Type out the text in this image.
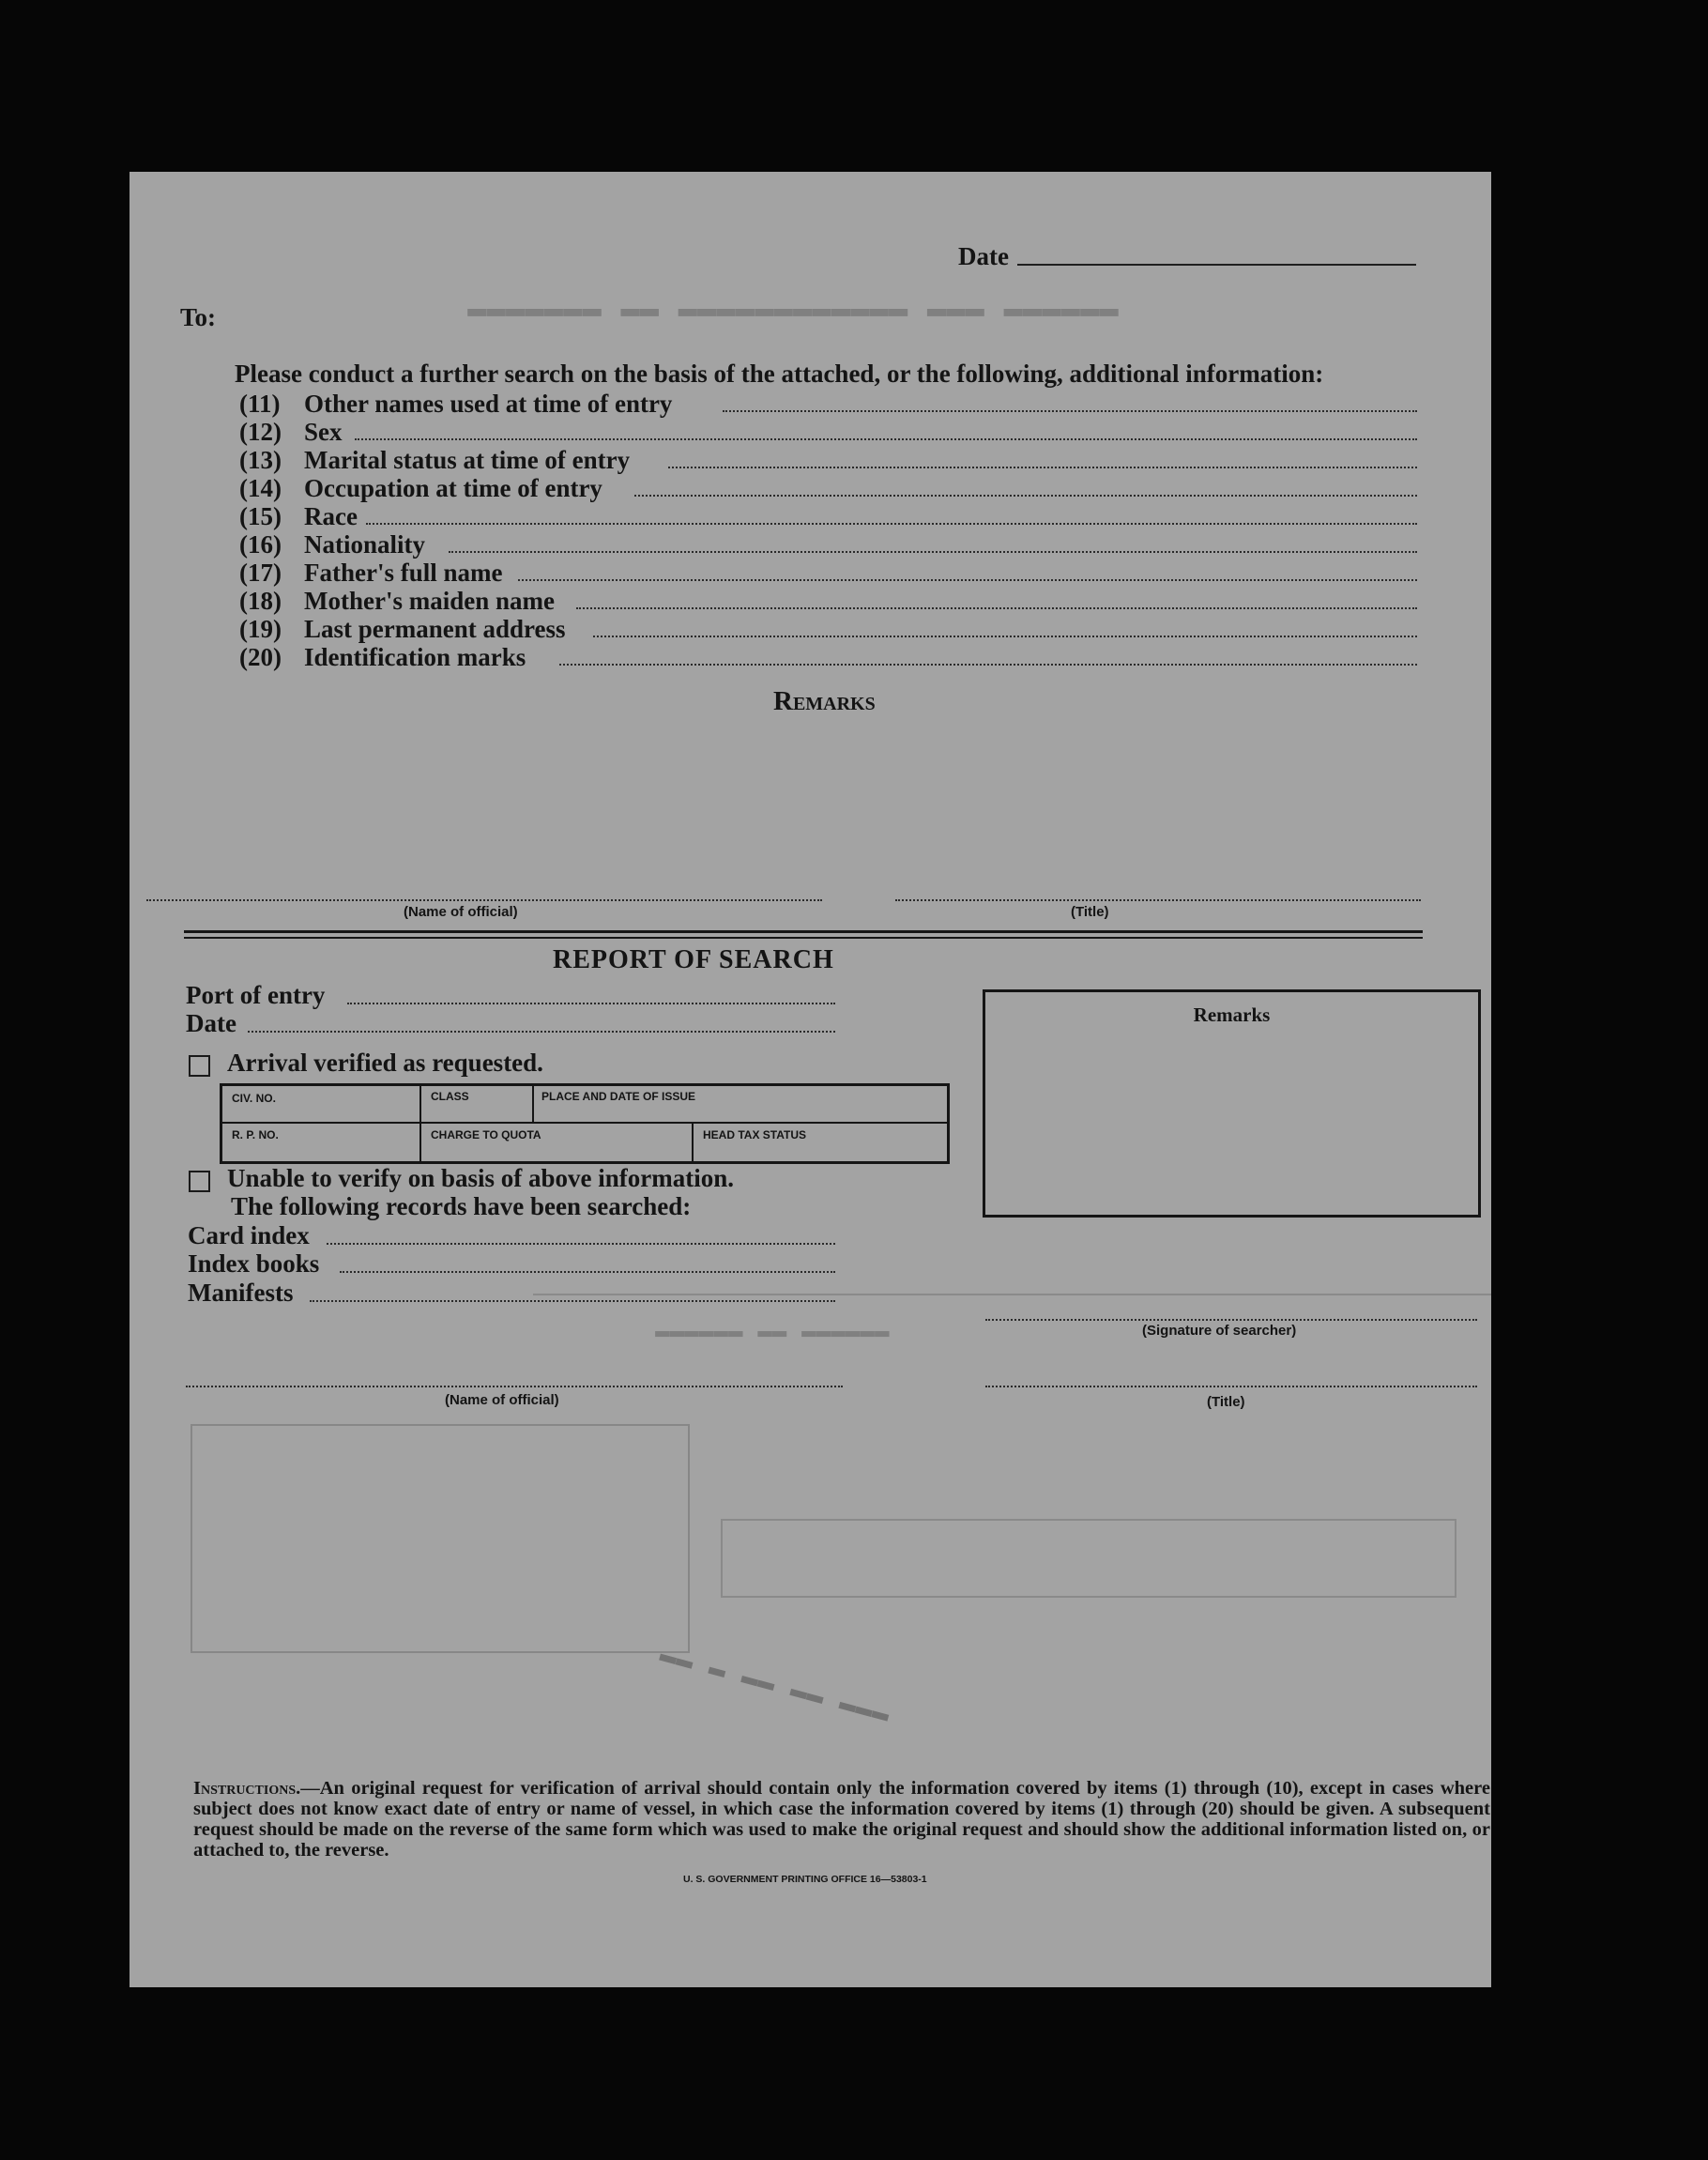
▬▬▬▬▬▬ ▬▬▬ ▬▬▬▬▬▬▬▬▬▬▬▬ ▬▬ ▬▬▬▬▬▬▬
▬▬▬▬▬▬ ▬▬ ▬▬▬▬▬▬
Date
To:
Please conduct a further search on the basis of the attached, or the following, additional information:
(11) Other names used at time of entry
(12) Sex
(13) Marital status at time of entry
(14) Occupation at time of entry
(15) Race
(16) Nationality
(17) Father's full name
(18) Mother's maiden name
(19) Last permanent address
(20) Identification marks
Remarks
(Name of official)	(Title)
REPORT OF SEARCH
Port of entry
Date
Arrival verified as requested.
CIV. NO.	CLASS	PLACE AND DATE OF ISSUE
R. P. NO.	CHARGE TO QUOTA	HEAD TAX STATUS
Unable to verify on basis of above information.
The following records have been searched:
Card index
Index books
Manifests
Remarks
(Signature of searcher)
(Name of official)	(Title)
▬▬▬ ▬▬ ▬▬ ▬ ▬▬
Instructions.—An original request for verification of arrival should contain only the information covered by items (1) through (10), except in cases where subject does not know exact date of entry or name of vessel, in which case the information covered by items (1) through (20) should be given. A subsequent request should be made on the reverse of the same form which was used to make the original request and should show the additional information listed on, or attached to, the reverse.
U. S. GOVERNMENT PRINTING OFFICE 16—53803-1
